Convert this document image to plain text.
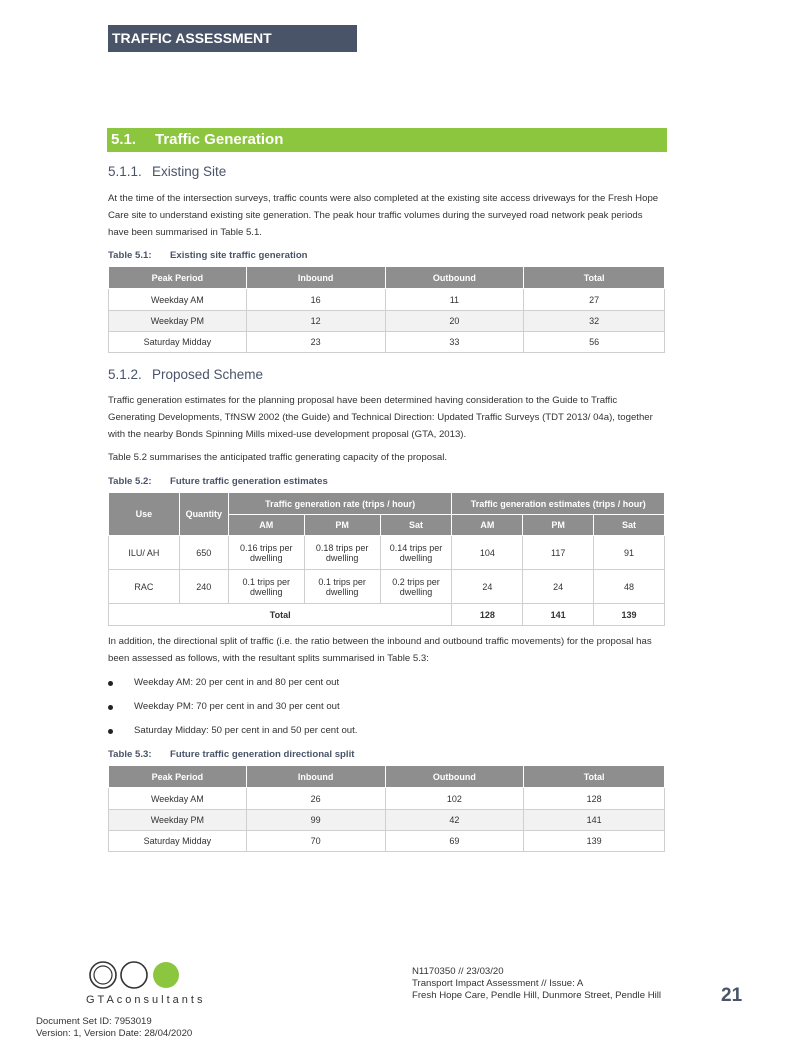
TRAFFIC ASSESSMENT
5.1. Traffic Generation
5.1.1. Existing Site

At the time of the intersection surveys, traffic counts were also completed at the existing site access driveways for the Fresh Hope Care site to understand existing site generation. The peak hour traffic volumes during the surveyed road network peak periods have been summarised in Table 5.1.

Table 5.1: Existing site traffic generation
Peak Period	Inbound	Outbound	Total
Weekday AM	16	11	27
Weekday PM	12	20	32
Saturday Midday	23	33	56
5.1.2. Proposed Scheme

Traffic generation estimates for the planning proposal have been determined having consideration to the Guide to Traffic Generating Developments, TfNSW 2002 (the Guide) and Technical Direction: Updated Traffic Surveys (TDT 2013/ 04a), together with the nearby Bonds Spinning Mills mixed-use development proposal (GTA, 2013).

Table 5.2 summarises the anticipated traffic generating capacity of the proposal.

Table 5.2: Future traffic generation estimates
Use	Quantity	Traffic generation rate (trips / hour)			Traffic generation estimates (trips / hour)		
		AM	PM	Sat	AM	PM	Sat
ILU/ AH	650	0.16 trips per dwelling	0.18 trips per dwelling	0.14 trips per dwelling	104	117	91
RAC	240	0.1 trips per dwelling	0.1 trips per dwelling	0.2 trips per dwelling	24	24	48
Total					128	141	139

In addition, the directional split of traffic (i.e. the ratio between the inbound and outbound traffic movements) for the proposal has been assessed as follows, with the resultant splits summarised in Table 5.3:

Weekday AM: 20 per cent in and 80 per cent out
Weekday PM: 70 per cent in and 30 per cent out
Saturday Midday: 50 per cent in and 50 per cent out.
Table 5.3: Future traffic generation directional split
Peak Period	Inbound	Outbound	Total
Weekday AM	26	102	128
Weekday PM	99	42	141
Saturday Midday	70	69	139
GTAconsultants
N1170350 // 23/03/20
Transport Impact Assessment // Issue: A
Fresh Hope Care, Pendle Hill, Dunmore Street, Pendle Hill	21
Document Set ID: 7953019
Version: 1, Version Date: 28/04/2020
